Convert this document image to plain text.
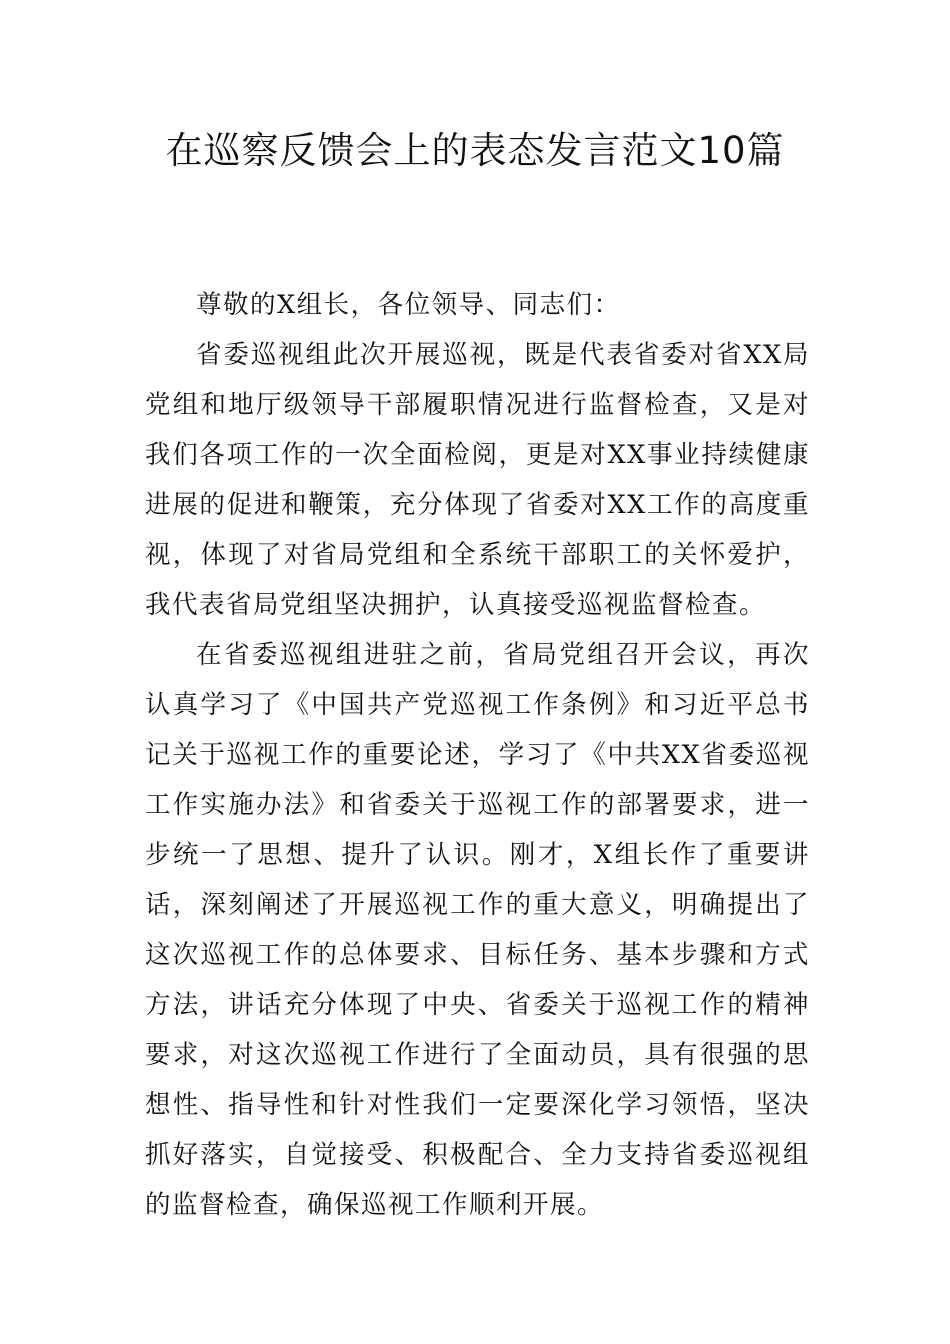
在巡察反馈会上的表态发言范文10篇

尊敬的X组长，各位领导、同志们：

省委巡视组此次开展巡视，既是代表省委对省XX局党组和地厅级领导干部履职情况进行监督检查，又是对我们各项工作的一次全面检阅，更是对XX事业持续健康进展的促进和鞭策，充分体现了省委对XX工作的高度重视，体现了对省局党组和全系统干部职工的关怀爱护，我代表省局党组坚决拥护，认真接受巡视监督检查。

在省委巡视组进驻之前，省局党组召开会议，再次认真学习了《中国共产党巡视工作条例》和习近平总书记关于巡视工作的重要论述，学习了《中共XX省委巡视工作实施办法》和省委关于巡视工作的部署要求，进一步统一了思想、提升了认识。刚才，X组长作了重要讲话，深刻阐述了开展巡视工作的重大意义，明确提出了这次巡视工作的总体要求、目标任务、基本步骤和方式方法，讲话充分体现了中央、省委关于巡视工作的精神要求，对这次巡视工作进行了全面动员，具有很强的思想性、指导性和针对性我们一定要深化学习领悟，坚决抓好落实，自觉接受、积极配合、全力支持省委巡视组的监督检查，确保巡视工作顺利开展。
